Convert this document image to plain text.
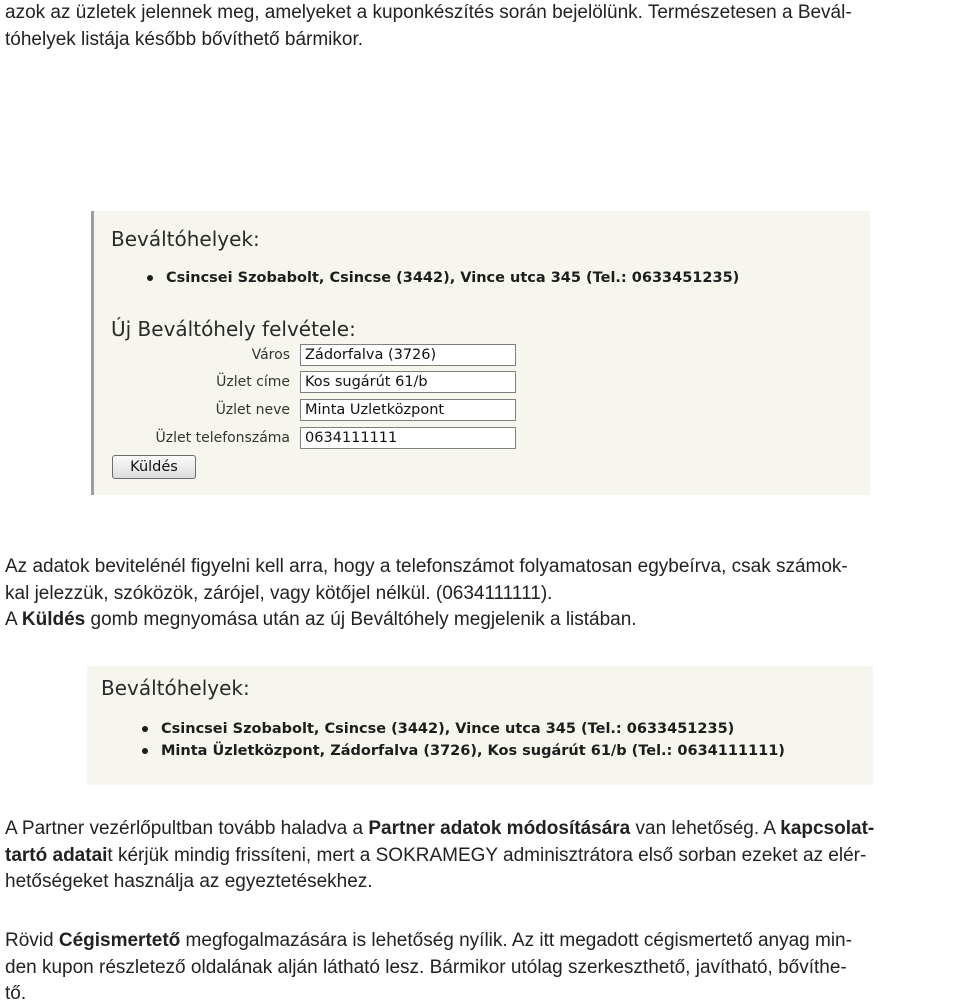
azok az üzletek jelennek meg, amelyeket a kuponkészítés során bejelölünk. Természetesen a Bevál-
tóhelyek listája később bővíthető bármikor.
Beváltóhelyek:
Csincsei Szobabolt, Csincse (3442), Vince utca 345 (Tel.: 0633451235)
Új Beváltóhely felvétele:
Város
Zádorfalva (3726)
Üzlet címe
Kos sugárút 61/b
Üzlet neve
Minta Üzletközpont
Üzlet telefonszáma
0634111111
Küldés
Az adatok bevitelénél figyelni kell arra, hogy a telefonszámot folyamatosan egybeírva, csak számok-
kal jelezzük, szóközök, zárójel, vagy kötőjel nélkül. (0634111111).
A Küldés gomb megnyomása után az új Beváltóhely megjelenik a listában.
Beváltóhelyek:
Csincsei Szobabolt, Csincse (3442), Vince utca 345 (Tel.: 0633451235)
Minta Üzletközpont, Zádorfalva (3726), Kos sugárút 61/b (Tel.: 0634111111)
A Partner vezérlőpultban tovább haladva a Partner adatok módosítására van lehetőség. A kapcsolat-
tartó adatait kérjük mindig frissíteni, mert a SOKRAMEGY adminisztrátora első sorban ezeket az elér-
hetőségeket használja az egyeztetésekhez.
Rövid Cégismertető megfogalmazására is lehetőség nyílik. Az itt megadott cégismertető anyag min-
den kupon részletező oldalának alján látható lesz. Bármikor utólag szerkeszthető, javítható, bővíthe-
tő.
